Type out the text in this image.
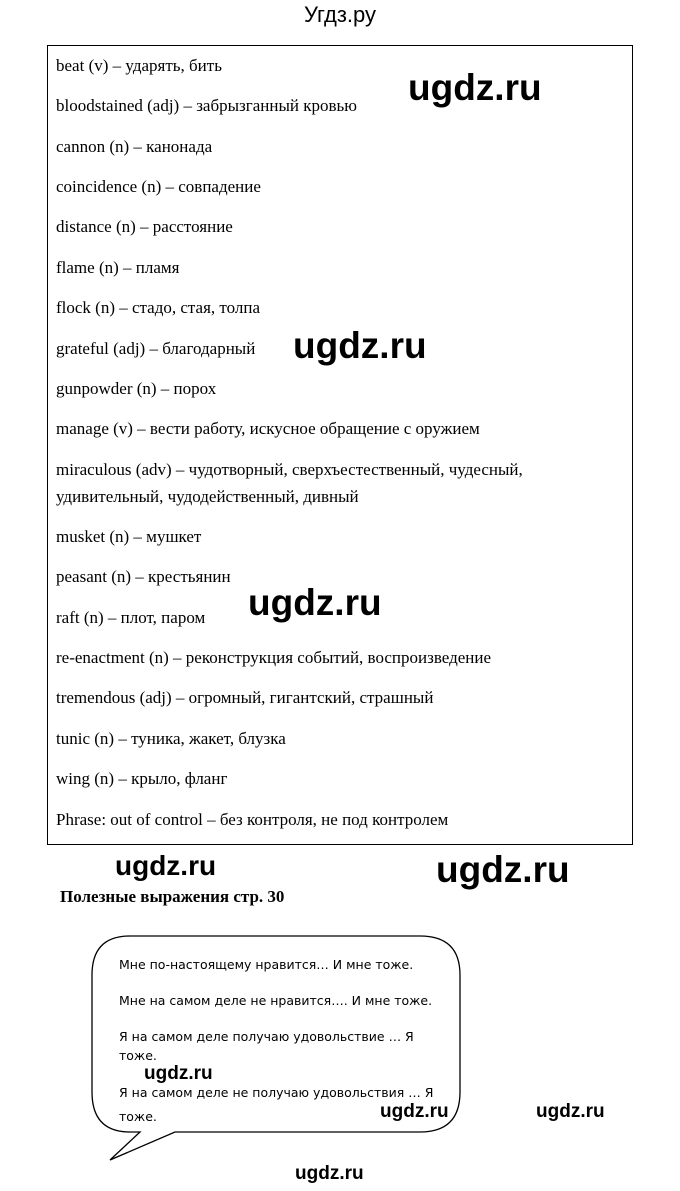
Угдз.ру
beat (v) – ударять, бить
bloodstained (adj) – забрызганный кровью
cannon (n) – канонада
coincidence (n) – совпадение
distance (n) – расстояние
flame (n) – пламя
flock (n) – стадо, стая, толпа
grateful (adj) – благодарный
gunpowder (n) – порох
manage (v) – вести работу, искусное обращение с оружием
miraculous (adv) – чудотворный, сверхъестественный, чудесный,
удивительный, чудодейственный, дивный
musket (n) – мушкет
peasant (n) – крестьянин
raft (n) – плот, паром
re-enactment (n) – реконструкция событий, воспроизведение
tremendous (adj) – огромный, гигантский, страшный
tunic (n) – туника, жакет, блузка
wing (n) – крыло, фланг
Phrase: out of control – без контроля, не под контролем
ugdz.ru
ugdz.ru
ugdz.ru
ugdz.ru	ugdz.ru
Полезные выражения стр. 30
Мне по-настоящему нравится… И мне тоже.
Мне на самом деле не нравится…. И мне тоже.
Я на самом деле получаю удовольствие … Я
тоже.
Я на самом деле не получаю удовольствия … Я
тоже.
ugdz.ru
ugdz.ru	ugdz.ru
ugdz.ru
